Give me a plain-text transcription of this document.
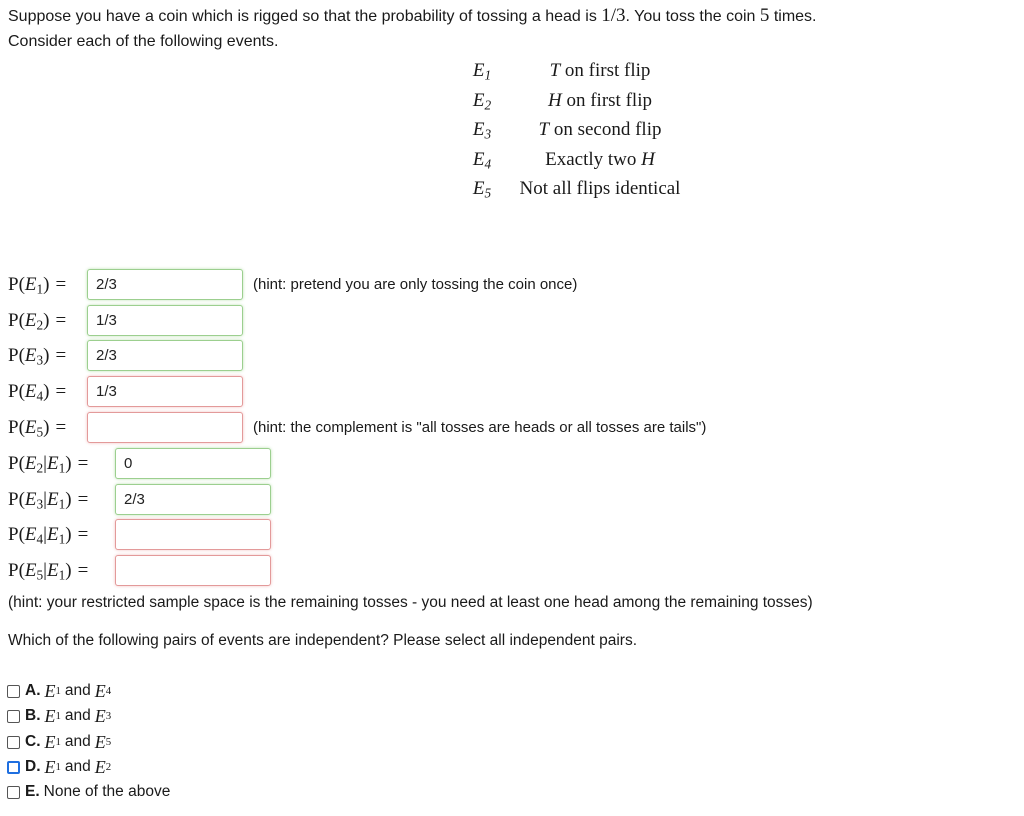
Suppose you have a coin which is rigged so that the probability of tossing a head is 1/3. You toss the coin 5 times.
Consider each of the following events.
$E_1$	T on first flip
$E_2$	H on first flip
$E_3$	T on second flip
$E_4$	Exactly two H
$E_5$	Not all flips identical
$P(E_1)$ =
2/3	(hint: pretend you are only tossing the coin once)
$P(E_2)$ =
1/3
$P(E_3)$ =
2/3
$P(E_4)$ =
1/3
$P(E_5)$ =	(hint: the complement is "all tosses are heads or all tosses are tails")
$P(E_2|E_1)$ =
0
$P(E_3|E_1)$ =
2/3
$P(E_4|E_1)$ =
$P(E_5|E_1)$ =
(hint: your restricted sample space is the remaining tosses - you need at least one head among the remaining tosses)
Which of the following pairs of events are independent? Please select all independent pairs.
A. E 1 and E 4
B. E 1 and E 3
C. E 1 and E 5
D. E 1 and E 2
E. None of the above
